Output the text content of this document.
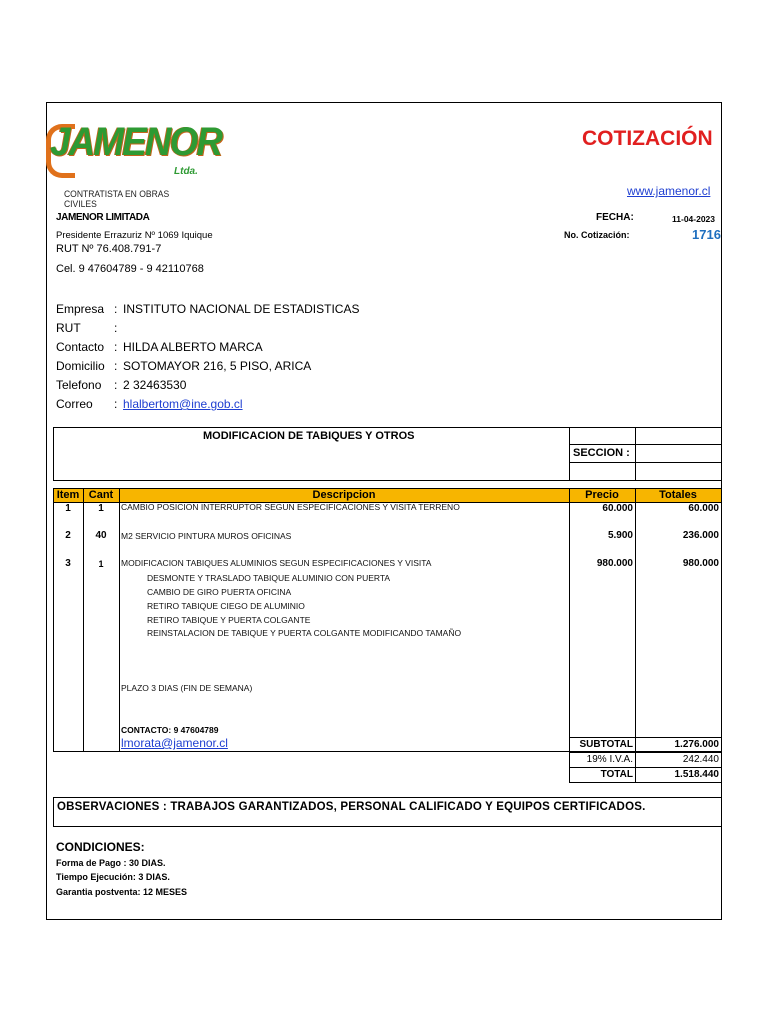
JAMENOR
Ltda.
CONTRATISTA EN OBRAS CIVILES
COTIZACIÓN
www.jamenor.cl
JAMENOR LIMITADA
Presidente Errazuriz Nº 1069 Iquique
RUT Nº 76.408.791-7
Cel. 9 47604789 - 9 42110768
FECHA:	11-04-2023
No. Cotización:	1716
Empresa : INSTITUTO NACIONAL DE ESTADISTICAS
RUT	:
Contacto : HILDA ALBERTO MARCA
Domicilio : SOTOMAYOR 216, 5 PISO, ARICA
Telefono : 2 32463530
Correo : hlalbertom@ine.gob.cl
MODIFICACION DE TABIQUES Y OTROS
SECCION :
Item Cant	Descripcion	Precio	Totales
1	1	CAMBIO POSICION INTERRUPTOR SEGUN ESPECIFICACIONES Y VISITA TERRENO	60.000	60.000
2	40	M2 SERVICIO PINTURA MUROS OFICINAS	5.900	236.000
3	1	MODIFICACION TABIQUES ALUMINIOS SEGUN ESPECIFICACIONES Y VISITA	980.000	980.000
DESMONTE Y TRASLADO TABIQUE ALUMINIO CON PUERTA
CAMBIO DE GIRO PUERTA OFICINA
RETIRO TABIQUE CIEGO DE ALUMINIO
RETIRO TABIQUE Y PUERTA COLGANTE
REINSTALACION DE TABIQUE Y PUERTA COLGANTE MODIFICANDO TAMAÑO
PLAZO 3 DIAS (FIN DE SEMANA)
CONTACTO: 9 47604789
lmorata@jamenor.cl	SUBTOTAL	1.276.000
19% I.V.A.	242.440
TOTAL	1.518.440
OBSERVACIONES : TRABAJOS GARANTIZADOS, PERSONAL CALIFICADO Y EQUIPOS CERTIFICADOS.
CONDICIONES:
Forma de Pago : 30 DIAS.
Tiempo Ejecución: 3 DIAS.
Garantia postventa: 12 MESES
